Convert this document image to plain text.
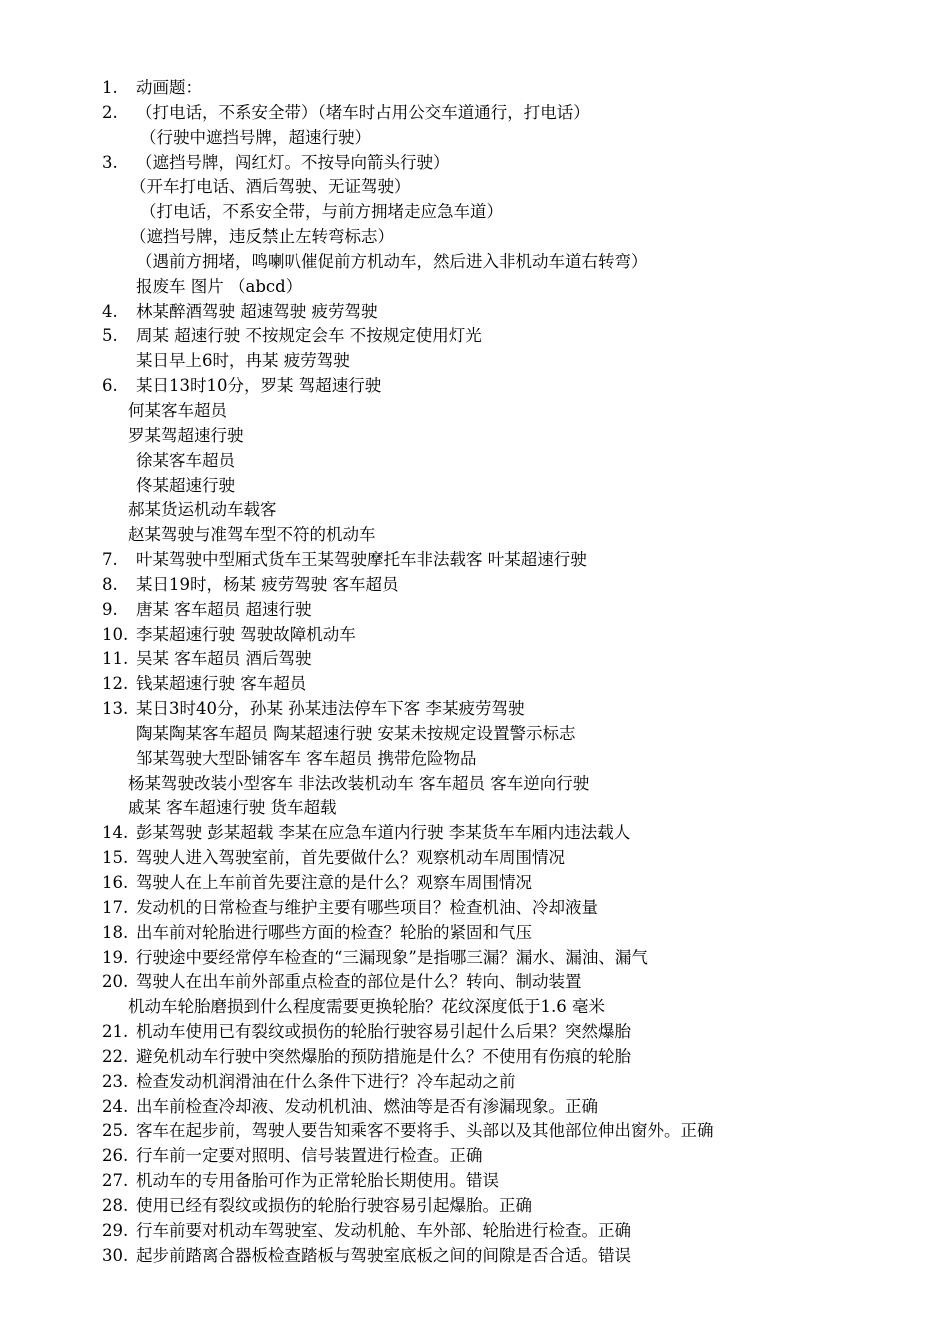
1. 动画题：
2. （打电话，不系安全带）（堵车时占用公交车道通行，打电话）
（行驶中遮挡号牌，超速行驶）
3. （遮挡号牌，闯红灯。不按导向箭头行驶）
（开车打电话、酒后驾驶、无证驾驶）
（打电话，不系安全带，与前方拥堵走应急车道）
（遮挡号牌，违反禁止左转弯标志）
（遇前方拥堵，鸣喇叭催促前方机动车，然后进入非机动车道右转弯）
报废车 图片 （abcd）
4. 林某醉酒驾驶 超速驾驶 疲劳驾驶
5. 周某 超速行驶 不按规定会车 不按规定使用灯光
某日早上6时，冉某 疲劳驾驶
6. 某日13时10分，罗某 驾超速行驶
何某客车超员
罗某驾超速行驶
徐某客车超员
佟某超速行驶
郝某货运机动车载客
赵某驾驶与准驾车型不符的机动车
7. 叶某驾驶中型厢式货车王某驾驶摩托车非法载客 叶某超速行驶
8. 某日19时，杨某 疲劳驾驶 客车超员
9. 唐某 客车超员 超速行驶
10. 李某超速行驶 驾驶故障机动车
11. 吴某 客车超员 酒后驾驶
12. 钱某超速行驶 客车超员
13. 某日3时40分，孙某 孙某违法停车下客 李某疲劳驾驶
陶某陶某客车超员 陶某超速行驶 安某未按规定设置警示标志
邹某驾驶大型卧铺客车 客车超员 携带危险物品
杨某驾驶改装小型客车 非法改装机动车 客车超员 客车逆向行驶
戚某 客车超速行驶 货车超载
14. 彭某驾驶 彭某超载 李某在应急车道内行驶 李某货车车厢内违法载人
15. 驾驶人进入驾驶室前，首先要做什么？观察机动车周围情况
16. 驾驶人在上车前首先要注意的是什么？观察车周围情况
17. 发动机的日常检查与维护主要有哪些项目？检查机油、冷却液量
18. 出车前对轮胎进行哪些方面的检查？轮胎的紧固和气压
19. 行驶途中要经常停车检查的“三漏现象”是指哪三漏？漏水、漏油、漏气
20. 驾驶人在出车前外部重点检查的部位是什么？转向、制动装置
机动车轮胎磨损到什么程度需要更换轮胎？花纹深度低于1.6 毫米
21. 机动车使用已有裂纹或损伤的轮胎行驶容易引起什么后果？突然爆胎
22. 避免机动车行驶中突然爆胎的预防措施是什么？不使用有伤痕的轮胎
23. 检查发动机润滑油在什么条件下进行？冷车起动之前
24. 出车前检查冷却液、发动机机油、燃油等是否有渗漏现象。正确
25. 客车在起步前，驾驶人要告知乘客不要将手、头部以及其他部位伸出窗外。正确
26. 行车前一定要对照明、信号装置进行检查。正确
27. 机动车的专用备胎可作为正常轮胎长期使用。错误
28. 使用已经有裂纹或损伤的轮胎行驶容易引起爆胎。正确
29. 行车前要对机动车驾驶室、发动机舱、车外部、轮胎进行检查。正确
30. 起步前踏离合器板检查踏板与驾驶室底板之间的间隙是否合适。错误
